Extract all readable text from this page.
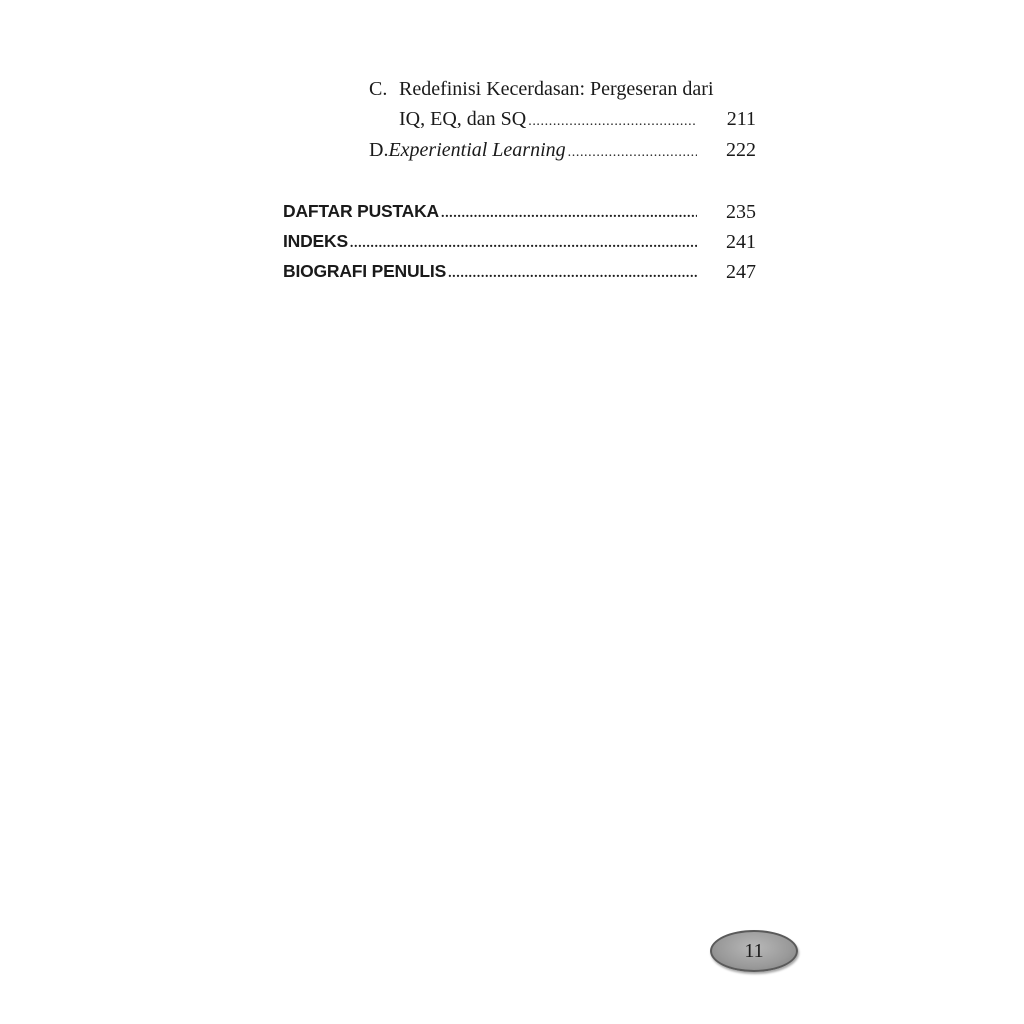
C. Redefinisi Kecerdasan: Pergeseran dari
IQ, EQ, dan SQ .....	211
D. Experiential Learning .....	222
DAFTAR PUSTAKA .....	235
INDEKS .....	241
BIOGRAFI PENULIS .....	247
11
